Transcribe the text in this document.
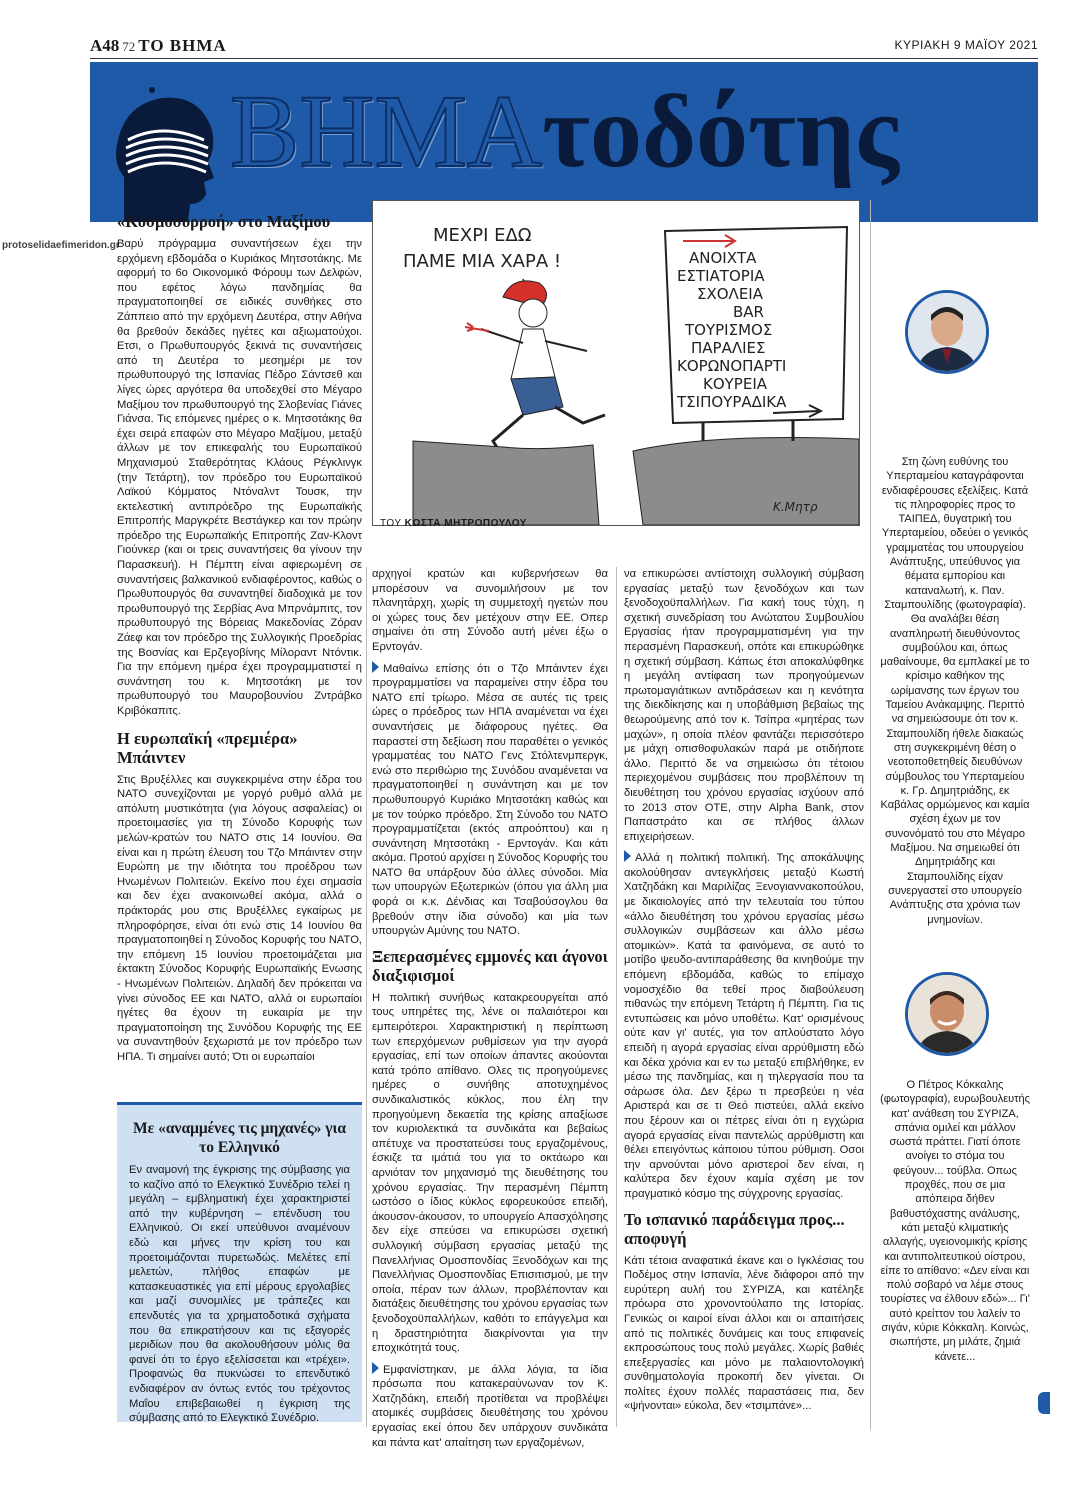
A48 72 ΤΟ ΒΗΜΑ	ΚΥΡΙΑΚΗ 9 ΜΑΪΟΥ 2021
protoselidaefimeridon.gr
ΒΗΜΑτοδότης
«Κοσμοσυρροή» στο Μαξίμου

Βαρύ πρόγραμμα συναντήσεων έχει την ερχόμενη εβδομάδα ο Κυριάκος Μητσοτάκης. Με αφορμή το 6ο Οικονομικό Φόρουμ των Δελφών, που εφέτος λόγω πανδημίας θα πραγματοποιηθεί σε ειδικές συνθήκες στο Ζάππειο από την ερχόμενη Δευτέρα, στην Αθήνα θα βρεθούν δεκάδες ηγέτες και αξιωματούχοι. Ετσι, ο Πρωθυπουργός ξεκινά τις συναντήσεις από τη Δευτέρα το μεσημέρι με τον πρωθυπουργό της Ισπανίας Πέδρο Σάντσεθ και λίγες ώρες αργότερα θα υποδεχθεί στο Μέγαρο Μαξίμου τον πρωθυπουργό της Σλοβενίας Γιάνες Γιάνσα. Τις επόμενες ημέρες ο κ. Μητσοτάκης θα έχει σειρά επαφών στο Μέγαρο Μαξίμου, μεταξύ άλλων με τον επικεφαλής του Ευρωπαϊκού Μηχανισμού Σταθερότητας Κλάους Ρέγκλινγκ (την Τετάρτη), τον πρόεδρο του Ευρωπαϊκού Λαϊκού Κόμματος Ντόναλντ Τουσκ, την εκτελεστική αντιπρόεδρο της Ευρωπαϊκής Επιτροπής Μαργκρέτε Βεστάγκερ και τον πρώην πρόεδρο της Ευρωπαϊκής Επιτροπής Ζαν-Κλοντ Γιούνκερ (και οι τρεις συναντήσεις θα γίνουν την Παρασκευή). Η Πέμπτη είναι αφιερωμένη σε συναντήσεις βαλκανικού ενδιαφέροντος, καθώς ο Πρωθυπουργός θα συναντηθεί διαδοχικά με τον πρωθυπουργό της Σερβίας Ανα Μπρνάμπιτς, τον πρωθυπουργό της Βόρειας Μακεδονίας Ζόραν Ζάεφ και τον πρόεδρο της Συλλογικής Προεδρίας της Βοσνίας και Ερζεγοβίνης Μίλοραντ Ντόντικ. Για την επόμενη ημέρα έχει προγραμματιστεί η συνάντηση του κ. Μητσοτάκη με τον πρωθυπουργό του Μαυροβουνίου Ζντράβκο Κριβόκαπιτς.

Η ευρωπαϊκή «πρεμιέρα» Μπάιντεν

Στις Βρυξέλλες και συγκεκριμένα στην έδρα του ΝΑΤΟ συνεχίζονται με γοργό ρυθμό αλλά με απόλυτη μυστικότητα (για λόγους ασφαλείας) οι προετοιμασίες για τη Σύνοδο Κορυφής των μελών-κρατών του ΝΑΤΟ στις 14 Ιουνίου. Θα είναι και η πρώτη έλευση του Τζο Μπάιντεν στην Ευρώπη με την ιδιότητα του προέδρου των Ηνωμένων Πολιτειών. Εκείνο που έχει σημασία και δεν έχει ανακοινωθεί ακόμα, αλλά ο πράκτοράς μου στις Βρυξέλλες εγκαίρως με πληροφόρησε, είναι ότι ενώ στις 14 Ιουνίου θα πραγματοποιηθεί η Σύνοδος Κορυφής του ΝΑΤΟ, την επόμενη 15 Ιουνίου προετοιμάζεται μια έκτακτη Σύνοδος Κορυφής Ευρωπαϊκής Ενωσης - Ηνωμένων Πολιτειών. Δηλαδή δεν πρόκειται να γίνει σύνοδος ΕΕ και ΝΑΤΟ, αλλά οι ευρωπαίοι ηγέτες θα έχουν τη ευκαιρία με την πραγματοποίηση της Συνόδου Κορυφής της ΕΕ να συναντηθούν ξεχωριστά με τον πρόεδρο των ΗΠΑ. Τι σημαίνει αυτό; Ότι οι ευρωπαίοι

Με «αναμμένες τις μηχανές» για το Ελληνικό

Εν αναμονή της έγκρισης της σύμβασης για το καζίνο από το Ελεγκτικό Συνέδριο τελεί η μεγάλη – εμβληματική έχει χαρακτηριστεί από την κυβέρνηση – επένδυση του Ελληνικού. Οι εκεί υπεύθυνοι αναμένουν εδώ και μήνες την κρίση του και προετοιμάζονται πυρετωδώς. Μελέτες επί μελετών, πλήθος επαφών με κατασκευαστικές για επί μέρους εργολαβίες και μαζί συνομιλίες με τράπεζες και επενδυτές για τα χρηματοδοτικά σχήματα που θα επικρατήσουν και τις εξαγορές μεριδίων που θα ακολουθήσουν μόλις θα φανεί ότι το έργο εξελίσσεται και «τρέχει». Προφανώς θα πυκνώσει το επενδυτικό ενδιαφέρον αν όντως εντός του τρέχοντος Μαΐου επιβεβαιωθεί η έγκριση της σύμβασης από το Ελεγκτικό Συνέδριο.

ΜΕΧΡΙ ΕΔΩ
ΠΑΜΕ ΜΙΑ ΧΑΡΑ !	ΑΝΟΙΧΤΑ
ΕΣΤΙΑΤΟΡΙΑ
ΣΧΟΛΕΙΑ
BAR
ΤΟΥΡΙΣΜΟΣ
ΠΑΡΑΛΙΕΣ
ΚΟΡΩΝΟΠΑΡΤΙ
ΚΟΥΡΕΙΑ
ΤΣΙΠΟΥΡΑΔΙΚΑ
Κ.Μητρ
ΤΟΥ ΚΩΣΤΑ ΜΗΤΡΟΠΟΥΛΟΥ

αρχηγοί κρατών και κυβερνήσεων θα μπορέσουν να συνομιλήσουν με τον πλανητάρχη, χωρίς τη συμμετοχή ηγετών που οι χώρες τους δεν μετέχουν στην ΕΕ. Οπερ σημαίνει ότι στη Σύνοδο αυτή μένει έξω ο Ερντογάν.

Μαθαίνω επίσης ότι ο Τζο Μπάιντεν έχει προγραμματίσει να παραμείνει στην έδρα του ΝΑΤΟ επί τρίωρο. Μέσα σε αυτές τις τρεις ώρες ο πρόεδρος των ΗΠΑ αναμένεται να έχει συναντήσεις με διάφορους ηγέτες. Θα παραστεί στη δεξίωση που παραθέτει ο γενικός γραμματέας του ΝΑΤΟ Γενς Στόλτενμπεργκ, ενώ στο περιθώριο της Συνόδου αναμένεται να πραγματοποιηθεί η συνάντηση και με τον πρωθυπουργό Κυριάκο Μητσοτάκη καθώς και με τον τούρκο πρόεδρο. Στη Σύνοδο του ΝΑΤΟ προγραμματίζεται (εκτός απροόπτου) και η συνάντηση Μητσοτάκη - Ερντογάν. Και κάτι ακόμα. Προτού αρχίσει η Σύνοδος Κορυφής του ΝΑΤΟ θα υπάρξουν δύο άλλες σύνοδοι. Μία των υπουργών Εξωτερικών (όπου για άλλη μια φορά οι κ.κ. Δένδιας και Τσαβούσογλου θα βρεθούν στην ίδια σύνοδο) και μία των υπουργών Αμύνης του ΝΑΤΟ.

Ξεπερασμένες εμμονές και άγονοι διαξιφισμοί

Η πολιτική συνήθως κατακρεουργείται από τους υπηρέτες της, λένε οι παλαιότεροι και εμπειρότεροι. Χαρακτηριστική η περίπτωση των επερχόμενων ρυθμίσεων για την αγορά εργασίας, επί των οποίων άπαντες ακούονται κατά τρόπο απίθανο. Ολες τις προηγούμενες ημέρες ο συνήθης αποτυχημένος συνδικαλιστικός κύκλος, που έλη την προηγούμενη δεκαετία της κρίσης απαξίωσε τον κυριολεκτικά τα συνδικάτα και βεβαίως απέτυχε να προστατεύσει τους εργαζομένους, έσκιζε τα ιμάτιά του για το οκτάωρο και αρνιόταν τον μηχανισμό της διευθέτησης του χρόνου εργασίας. Την περασμένη Πέμπτη ωστόσο ο ίδιος κύκλος εφορευκούσε επειδή, άκουσον-άκουσον, το υπουργείο Απασχόλησης δεν είχε σπεύσει να επικυρώσει σχετική συλλογική σύμβαση εργασίας μεταξύ της Πανελλήνιας Ομοσπονδίας Ξενοδόχων και της Πανελλήνιας Ομοσπονδίας Επισιτισμού, με την οποία, πέραν των άλλων, προβλέπονταν και διατάξεις διευθέτησης του χρόνου εργασίας των ξενοδοχοϋπαλλήλων, καθότι το επάγγελμα και η δραστηριότητα διακρίνονται για την εποχικότητά τους.

Εμφανίστηκαν, με άλλα λόγια, τα ίδια πρόσωπα που κατακεραύνωναν τον Κ. Χατζηδάκη, επειδή προτίθεται να προβλέψει ατομικές συμβάσεις διευθέτησης του χρόνου εργασίας εκεί όπου δεν υπάρχουν συνδικάτα και πάντα κατ' απαίτηση των εργαζομένων,

να επικυρώσει αντίστοιχη συλλογική σύμβαση εργασίας μεταξύ των ξενοδόχων και των ξενοδοχοϋπαλλήλων. Για κακή τους τύχη, η σχετική συνεδρίαση του Ανώτατου Συμβουλίου Εργασίας ήταν προγραμματισμένη για την περασμένη Παρασκευή, οπότε και επικυρώθηκε η σχετική σύμβαση. Κάπως έτσι αποκαλύφθηκε η μεγάλη αντίφαση των προηγούμενων πρωτομαγιάτικων αντιδράσεων και η κενότητα της διεκδίκησης και η υποβάθμιση βεβαίως της θεωρούμενης από τον κ. Τσίπρα «μητέρας των μαχών», η οποία πλέον φαντάζει περισσότερο με μάχη οπισθοφυλακών παρά με οτιδήποτε άλλο. Περιττό δε να σημειώσω ότι τέτοιου περιεχομένου συμβάσεις που προβλέπουν τη διευθέτηση του χρόνου εργασίας ισχύουν από το 2013 στον ΟΤΕ, στην Alpha Bank, στον Παπαστράτο και σε πλήθος άλλων επιχειρήσεων.

Αλλά η πολιτική πολιτική. Της αποκάλυψης ακολούθησαν αντεγκλήσεις μεταξύ Κωστή Χατζηδάκη και Μαριλίζας Ξενογιαννακοπούλου, με δικαιολογίες από την τελευταία του τύπου «άλλο διευθέτηση του χρόνου εργασίας μέσω συλλογικών συμβάσεων και άλλο μέσω ατομικών». Κατά τα φαινόμενα, σε αυτό το μοτίβο ψευδο-αντιπαράθεσης θα κινηθούμε την επόμενη εβδομάδα, καθώς το επίμαχο νομοσχέδιο θα τεθεί προς διαβούλευση πιθανώς την επόμενη Τετάρτη ή Πέμπτη. Για τις εντυπώσεις και μόνο υποθέτω. Κατ' ορισμένους ούτε καν γι' αυτές, για τον απλούστατο λόγο επειδή η αγορά εργασίας είναι αρρύθμιστη εδώ και δέκα χρόνια και εν τω μεταξύ επιβλήθηκε, εν μέσω της πανδημίας, και η τηλεργασία που τα σάρωσε όλα. Δεν ξέρω τι πρεσβεύει η νέα Αριστερά και σε τι Θεό πιστεύει, αλλά εκείνο που ξέρουν και οι πέτρες είναι ότι η εγχώρια αγορά εργασίας είναι παντελώς αρρύθμιστη και θέλει επειγόντως κάποιου τύπου ρύθμιση. Οσοι την αρνούνται μόνο αριστεροί δεν είναι, η καλύτερα δεν έχουν καμία σχέση με τον πραγματικό κόσμο της σύγχρονης εργασίας.

Το ισπανικό παράδειγμα προς... αποφυγή

Κάτι τέτοια αναφατικά έκανε και ο Ιγκλέσιας του Ποδέμος στην Ισπανία, λένε διάφοροι από την ευρύτερη αυλή του ΣΥΡΙΖΑ, και κατέληξε πρόωρα στο χρονοντούλαπο της Ιστορίας. Γενικώς οι καιροί είναι άλλοι και οι απαιτήσεις από τις πολιτικές δυνάμεις και τους επιφανείς εκπροσώπους τους πολύ μεγάλες. Χωρίς βαθιές επεξεργασίες και μόνο με παλαιοντολογική συνθηματολογία προκοπή δεν γίνεται. Οι πολίτες έχουν πολλές παραστάσεις πια, δεν «ψήνονται» εύκολα, δεν «τσιμπάνε»...

Στη ζώνη ευθύνης του Υπερταμείου καταγράφονται ενδιαφέρουσες εξελίξεις. Κατά τις πληροφορίες προς το ΤΑΙΠΕΔ, θυγατρική του Υπερταμείου, οδεύει ο γενικός γραμματέας του υπουργείου Ανάπτυξης, υπεύθυνος για θέματα εμπορίου και καταναλωτή, κ. Παν. Σταμπουλίδης (φωτογραφία). Θα αναλάβει θέση αναπληρωτή διευθύνοντος συμβούλου και, όπως μαθαίνουμε, θα εμπλακεί με το κρίσιμο καθήκον της ωρίμανσης των έργων του Ταμείου Ανάκαμψης. Περιττό να σημειώσουμε ότι τον κ. Σταμπουλίδη ήθελε διακαώς στη συγκεκριμένη θέση ο νεοτοποθετηθείς διευθύνων σύμβουλος του Υπερταμείου κ. Γρ. Δημητριάδης, εκ Καβάλας ορμώμενος και καμία σχέση έχων με τον συνονόματό του στο Μέγαρο Μαξίμου. Να σημειωθεί ότι Δημητριάδης και Σταμπουλίδης είχαν συνεργαστεί στο υπουργείο Ανάπτυξης στα χρόνια των μνημονίων.

Ο Πέτρος Κόκκαλης (φωτογραφία), ευρωβουλευτής κατ' ανάθεση του ΣΥΡΙΖΑ, σπάνια ομιλεί και μάλλον σωστά πράττει. Γιατί όποτε ανοίγει το στόμα του φεύγουν... τούβλα. Οπως προχθές, που σε μια απόπειρα δήθεν βαθυστόχαστης ανάλυσης, κάτι μεταξύ κλιματικής αλλαγής, υγειονομικής κρίσης και αντιπολιτευτικού οίστρου, είπε το απίθανο: «Δεν είναι και πολύ σοβαρό να λέμε στους τουρίστες να έλθουν εδώ»... Γι' αυτό κρείττον του λαλείν το σιγάν, κύριε Κόκκαλη. Κοινώς, σιωπήστε, μη μιλάτε, ζημιά κάνετε...
